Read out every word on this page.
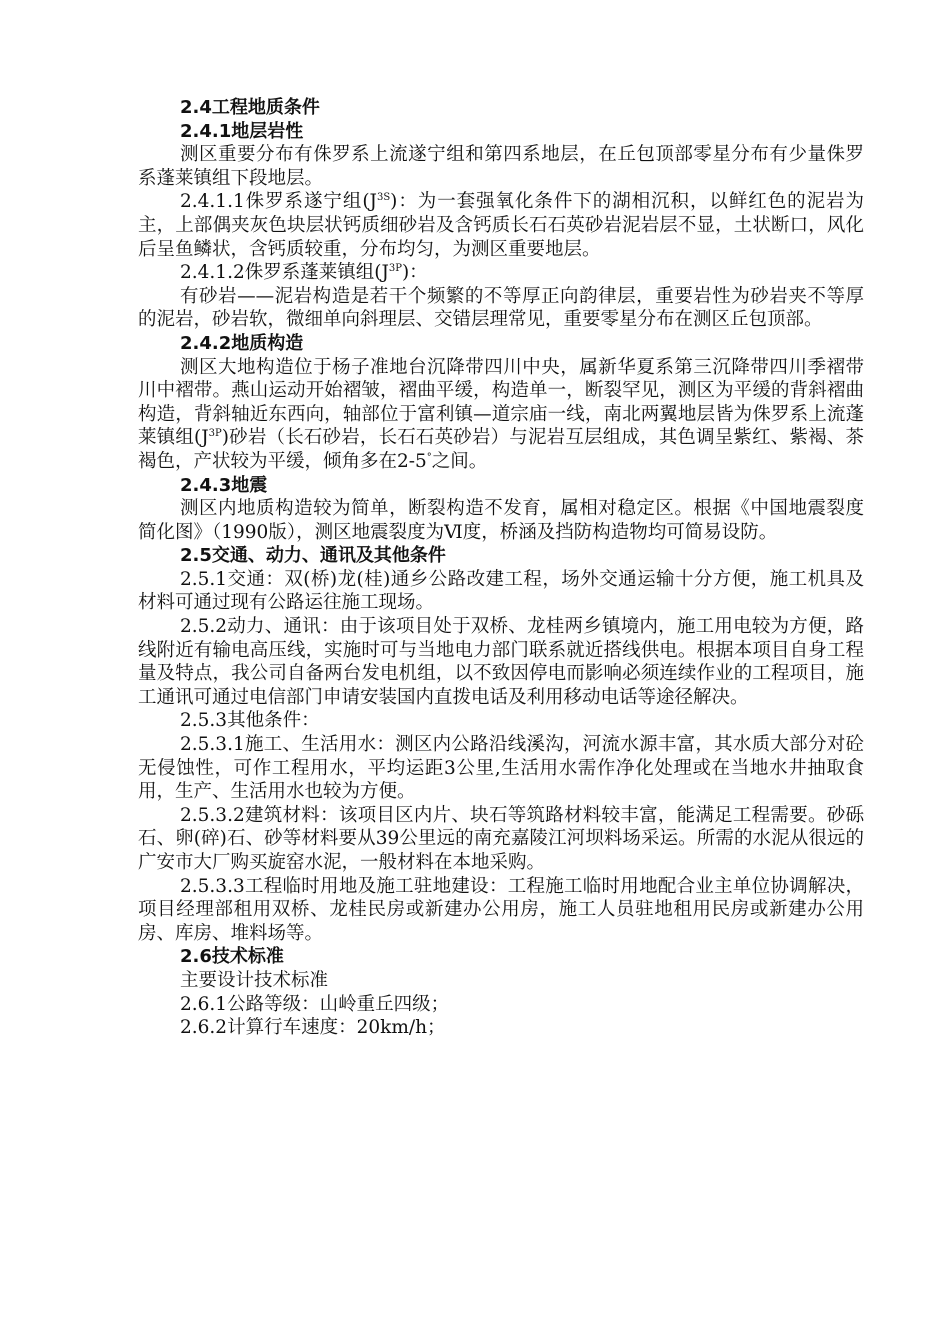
2.4工程地质条件
2.4.1地层岩性

测区重要分布有侏罗系上流遂宁组和第四系地层，在丘包顶部零星分布有少量侏罗系蓬莱镇组下段地层。

2.4.1.1侏罗系遂宁组$(J^{3S})$：为一套强氧化条件下的湖相沉积，以鲜红色的泥岩为主，上部偶夹灰色块层状钙质细砂岩及含钙质长石石英砂岩泥岩层不显，土状断口，风化后呈鱼鳞状，含钙质较重，分布均匀，为测区重要地层。

2.4.1.2侏罗系蓬莱镇组$(J^{3P})$：

有砂岩——泥岩构造是若干个频繁的不等厚正向韵律层，重要岩性为砂岩夹不等厚的泥岩，砂岩软，微细单向斜理层、交错层理常见，重要零星分布在测区丘包顶部。

2.4.2地质构造

测区大地构造位于杨子准地台沉降带四川中央，属新华夏系第三沉降带四川季褶带川中褶带。燕山运动开始褶皱，褶曲平缓，构造单一，断裂罕见，测区为平缓的背斜褶曲构造，背斜轴近东西向，轴部位于富利镇—道宗庙一线，南北两翼地层皆为侏罗系上流蓬莱镇组$(J^{3P})$砂岩（长石砂岩，长石石英砂岩）与泥岩互层组成，其色调呈紫红、紫褐、茶褐色，产状较为平缓，倾角多在2-5°之间。

2.4.3地震

测区内地质构造较为简单，断裂构造不发育，属相对稳定区。根据《中国地震裂度简化图》（1990版），测区地震裂度为Ⅵ度，桥涵及挡防构造物均可简易设防。

2.5交通、动力、通讯及其他条件

2.5.1交通：双(桥)龙(桂)通乡公路改建工程，场外交通运输十分方便，施工机具及材料可通过现有公路运往施工现场。

2.5.2动力、通讯：由于该项目处于双桥、龙桂两乡镇境内，施工用电较为方便，路线附近有输电高压线，实施时可与当地电力部门联系就近搭线供电。根据本项目自身工程量及特点，我公司自备两台发电机组，以不致因停电而影响必须连续作业的工程项目，施工通讯可通过电信部门申请安装国内直拨电话及利用移动电话等途径解决。

2.5.3其他条件：

2.5.3.1施工、生活用水：测区内公路沿线溪沟，河流水源丰富，其水质大部分对砼无侵蚀性，可作工程用水，平均运距3公里,生活用水需作净化处理或在当地水井抽取食用，生产、生活用水也较为方便。

2.5.3.2建筑材料：该项目区内片、块石等筑路材料较丰富，能满足工程需要。砂砾石、卵(碎)石、砂等材料要从39公里远的南充嘉陵江河坝料场采运。所需的水泥从很远的广安市大厂购买旋窑水泥，一般材料在本地采购。

2.5.3.3工程临时用地及施工驻地建设：工程施工临时用地配合业主单位协调解决，项目经理部租用双桥、龙桂民房或新建办公用房，施工人员驻地租用民房或新建办公用房、库房、堆料场等。

2.6技术标准
主要设计技术标准
2.6.1公路等级：山岭重丘四级；
2.6.2计算行车速度：20km/h；
